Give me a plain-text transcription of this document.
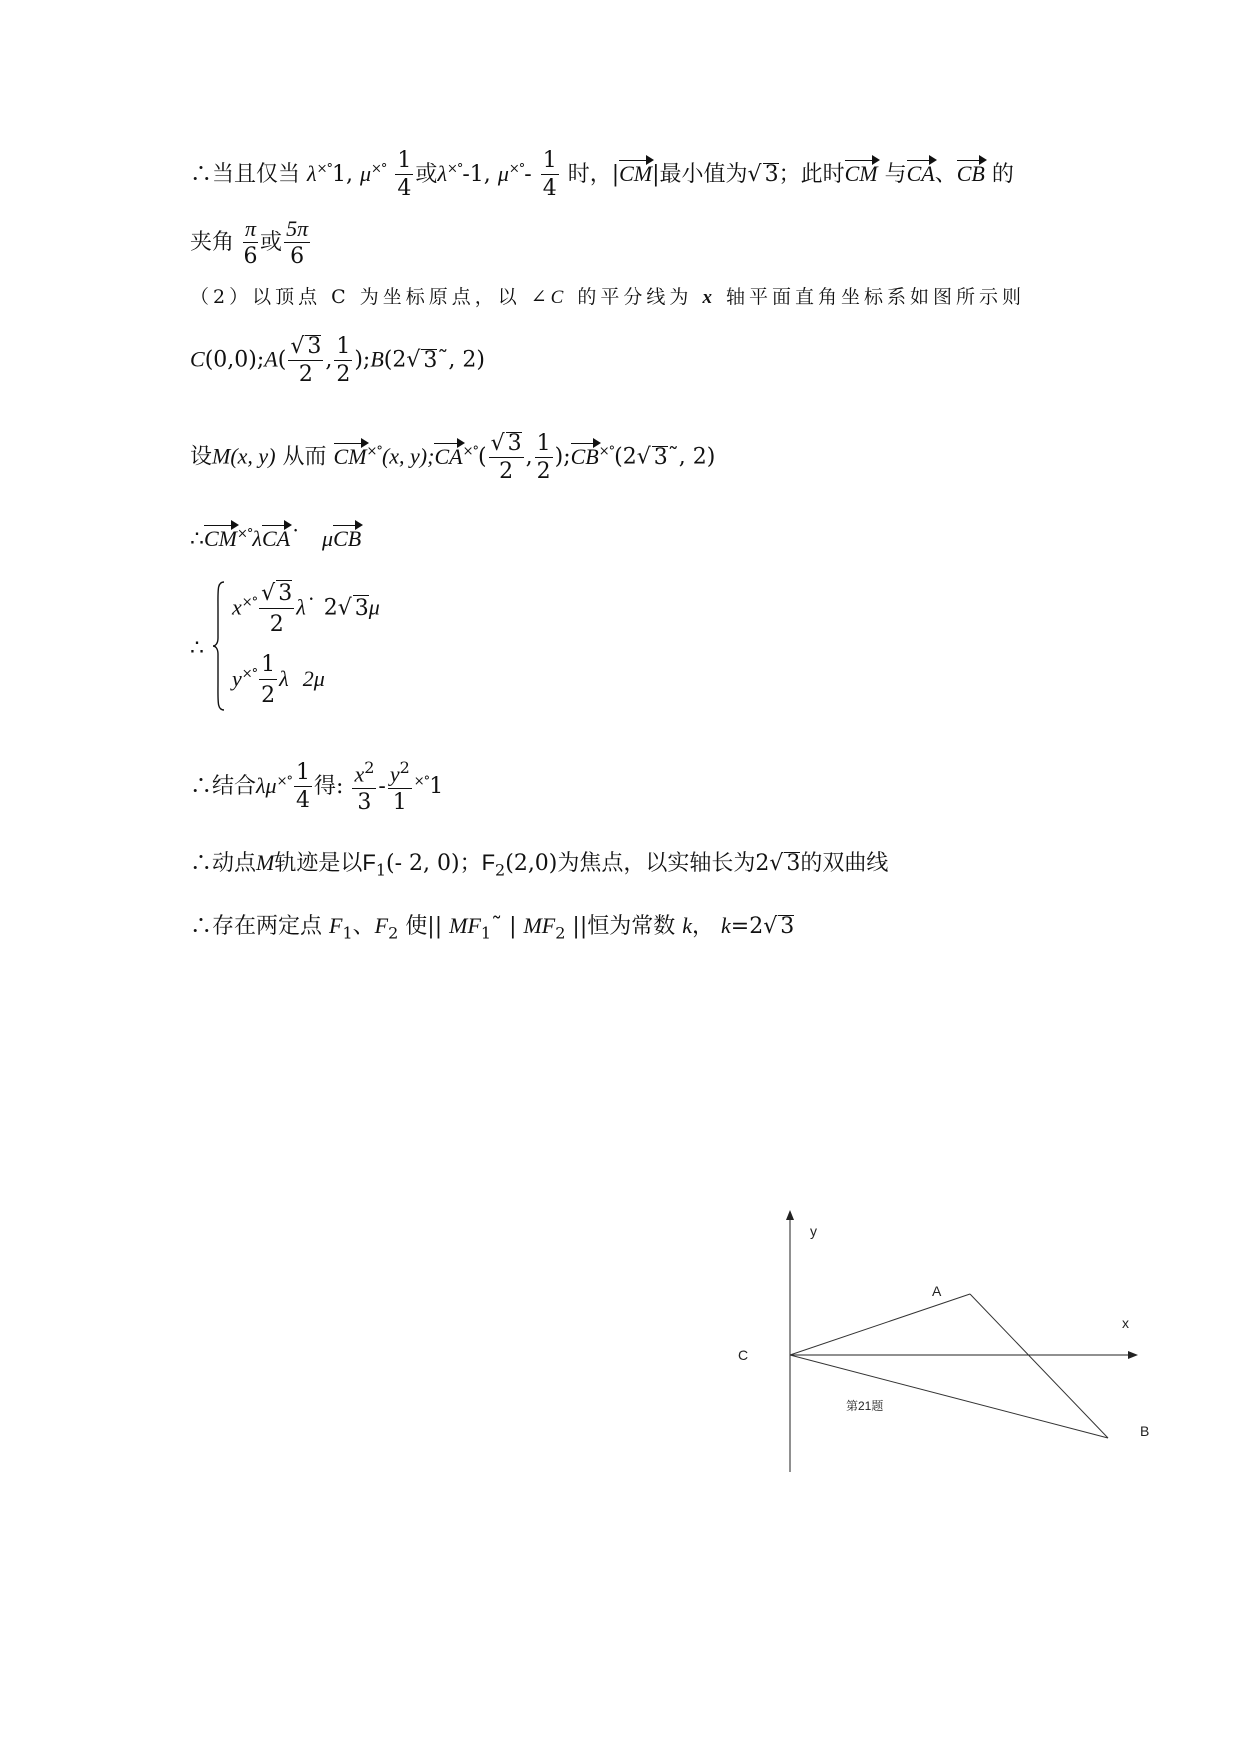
∴当且仅当 λ×°1, $\mu^{\times^\circ} \frac{1}{4}$ 或λ×°-1, $\mu^{\times^\circ}- \frac{1}{4}$ 时，|CM|最小值为√ 3；此时CM 与CA、CB 的
夹角 $\frac{\pi}{6}$ 或 $\frac{5\pi}{6}$
（2）以顶点 C 为坐标原点，以 ∠C 的平分线为 x 轴平面直角坐标系如图所示则
C(0,0);A( $\frac{√ 3}{2}$ , $\frac{1}{2}$ );B(2√ 3˜, 2)
设M(x, y) 从而 CM×°(x, y);CA×°( $\frac{√ 3}{2}$ , $\frac{1}{2}$ );CB×°(2√ 3˜, 2)
∴CM×°λCA˙ μCB
∴
$x^{\times^\circ} \frac{√ 3}{2}$ λ˙ 2√ 3μ
$y^{\times^\circ} \frac{1}{2}$ λ 2μ
∴结合$\lambda\mu^{\times^\circ} \frac{1}{4}$ 得: $\frac{x^2}{3} - \frac{y^2}{1} ^{\times^\circ}1$
∴动点M轨迹是以$F_1(-$ 2, 0)；$F_2(2,0)$为焦点，以实轴长为2√ 3的双曲线
∴存在两定点 $F_1$、$F_2$ 使|| $MF_1˜$ | $MF_2$ ||恒为常数 k， k=2√ 3
y
x
A
B
C
第21题
